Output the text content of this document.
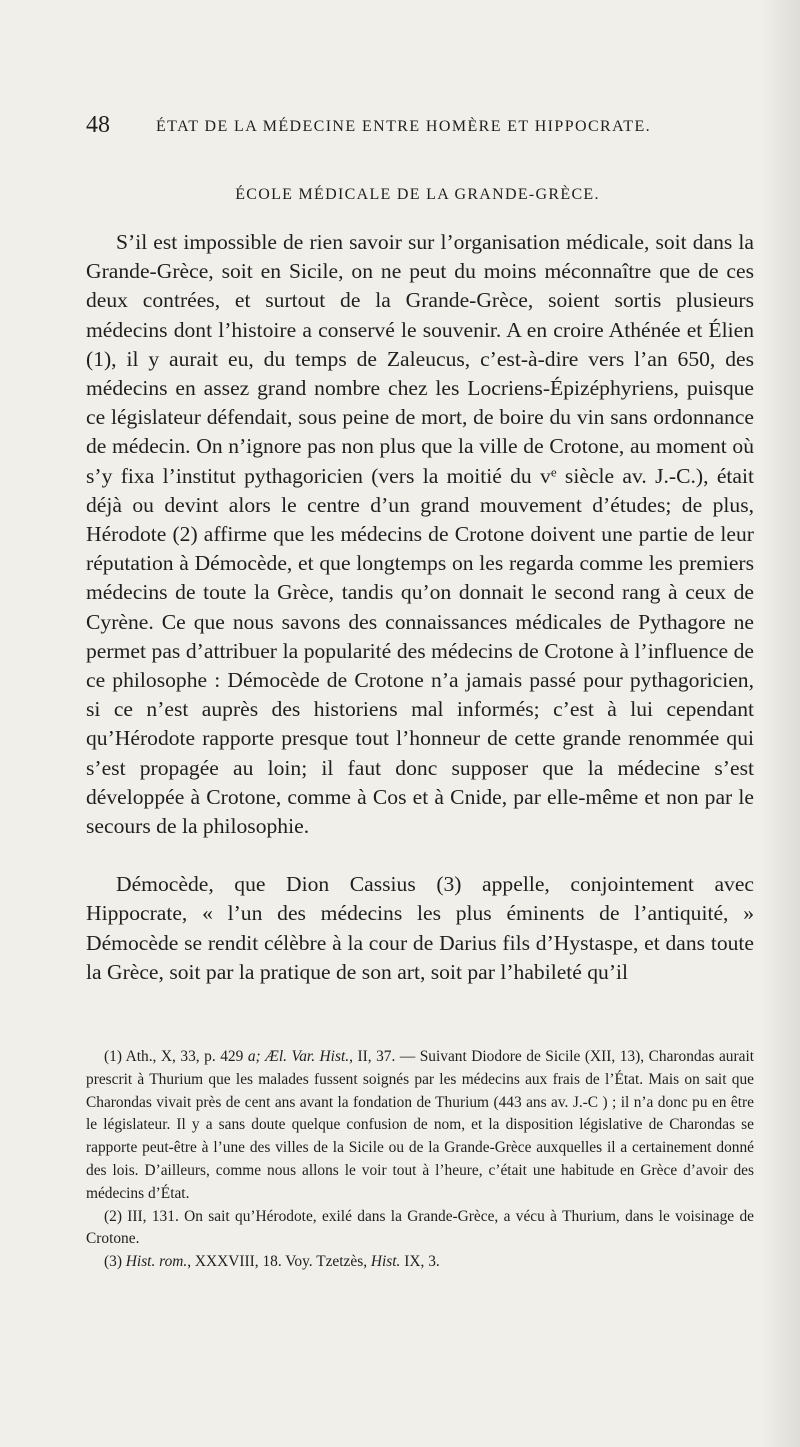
48	ÉTAT DE LA MÉDECINE ENTRE HOMÈRE ET HIPPOCRATE.
ÉCOLE MÉDICALE DE LA GRANDE-GRÈCE.

S’il est impossible de rien savoir sur l’organisation médicale, soit dans la Grande-Grèce, soit en Sicile, on ne peut du moins méconnaître que de ces deux contrées, et surtout de la Grande-Grèce, soient sortis plusieurs médecins dont l’histoire a conservé le souvenir. A en croire Athénée et Élien (1), il y aurait eu, du temps de Zaleucus, c’est-à-dire vers l’an 650, des médecins en assez grand nombre chez les Locriens-Épizéphyriens, puisque ce législateur défendait, sous peine de mort, de boire du vin sans ordonnance de médecin. On n’ignore pas non plus que la ville de Crotone, au moment où s’y fixa l’institut pythagoricien (vers la moitié du $v^e$ siècle av. J.-C.), était déjà ou devint alors le centre d’un grand mouvement d’études; de plus, Hérodote (2) affirme que les médecins de Crotone doivent une partie de leur réputation à Démocède, et que longtemps on les regarda comme les premiers médecins de toute la Grèce, tandis qu’on donnait le second rang à ceux de Cyrène. Ce que nous savons des connaissances médicales de Pythagore ne permet pas d’attribuer la popularité des médecins de Crotone à l’influence de ce philosophe : Démocède de Crotone n’a jamais passé pour pythagoricien, si ce n’est auprès des historiens mal informés; c’est à lui cependant qu’Hérodote rapporte presque tout l’honneur de cette grande renommée qui s’est propagée au loin; il faut donc supposer que la médecine s’est développée à Crotone, comme à Cos et à Cnide, par elle-même et non par le secours de la philosophie.

Démocède, que Dion Cassius (3) appelle, conjointement avec Hippocrate, « l’un des médecins les plus éminents de l’antiquité, » Démocède se rendit célèbre à la cour de Darius fils d’Hystaspe, et dans toute la Grèce, soit par la pratique de son art, soit par l’habileté qu’il

(1) Ath., X, 33, p. 429 a; Æl. Var. Hist., II, 37. — Suivant Diodore de Sicile (XII, 13), Charondas aurait prescrit à Thurium que les malades fussent soignés par les médecins aux frais de l’État. Mais on sait que Charondas vivait près de cent ans avant la fondation de Thurium (443 ans av. J.-C ) ; il n’a donc pu en être le législateur. Il y a sans doute quelque confusion de nom, et la disposition législative de Charondas se rapporte peut-être à l’une des villes de la Sicile ou de la Grande-Grèce auxquelles il a certainement donné des lois. D’ailleurs, comme nous allons le voir tout à l’heure, c’était une habitude en Grèce d’avoir des médecins d’État.

(2) III, 131. On sait qu’Hérodote, exilé dans la Grande-Grèce, a vécu à Thurium, dans le voisinage de Crotone.

(3) Hist. rom., XXXVIII, 18. Voy. Tzetzès, Hist. IX, 3.
